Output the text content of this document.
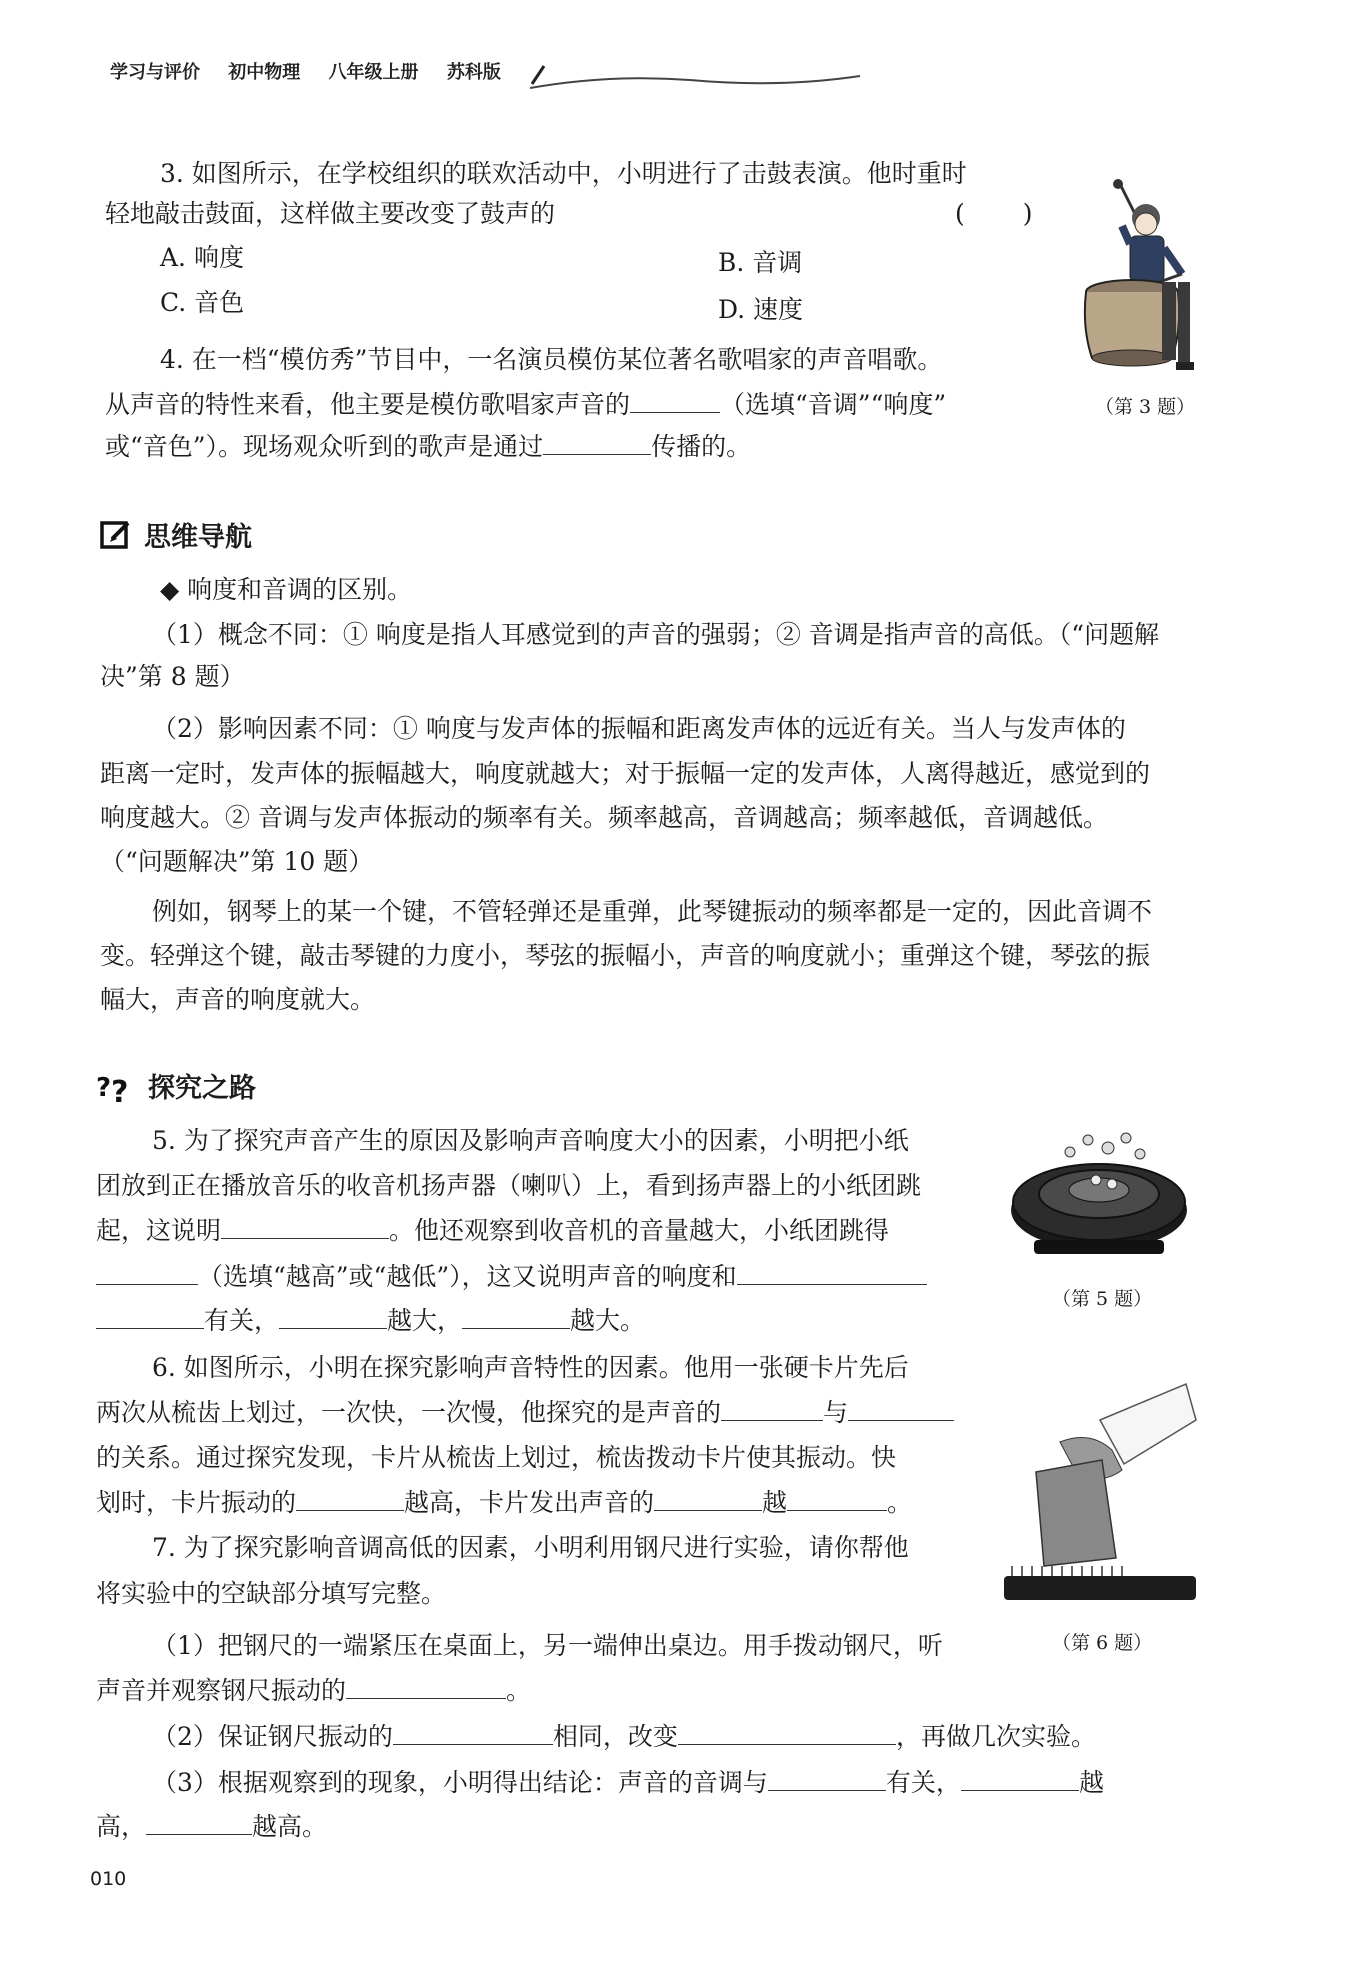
学习与评价 初中物理 八年级上册 苏科版
3. 如图所示，在学校组织的联欢活动中，小明进行了击鼓表演。他时重时
轻地敲击鼓面，这样做主要改变了鼓声的	( )
A. 响度	B. 音调
C. 音色	D. 速度
（第 3 题）
4. 在一档“模仿秀”节目中，一名演员模仿某位著名歌唱家的声音唱歌。
从声音的特性来看，他主要是模仿歌唱家声音的	（选填“音调”“响度”
或“音色”）。现场观众听到的歌声是通过	传播的。
思维导航
◆ 响度和音调的区别。
（1）概念不同：① 响度是指人耳感觉到的声音的强弱；② 音调是指声音的高低。（“问题解
决”第 8 题）
（2）影响因素不同：① 响度与发声体的振幅和距离发声体的远近有关。当人与发声体的
距离一定时，发声体的振幅越大，响度就越大；对于振幅一定的发声体，人离得越近，感觉到的
响度越大。② 音调与发声体振动的频率有关。频率越高，音调越高；频率越低，音调越低。
（“问题解决”第 10 题）
例如，钢琴上的某一个键，不管轻弹还是重弹，此琴键振动的频率都是一定的，因此音调不
变。轻弹这个键，敲击琴键的力度小，琴弦的振幅小，声音的响度就小；重弹这个键，琴弦的振
幅大，声音的响度就大。
? ? 探究之路
5. 为了探究声音产生的原因及影响声音响度大小的因素，小明把小纸
团放到正在播放音乐的收音机扬声器（喇叭）上，看到扬声器上的小纸团跳
起，这说明	。他还观察到收音机的音量越大，小纸团跳得
（选填“越高”或“越低”），这又说明声音的响度和
有关，	越大，	越大。
（第 5 题）
6. 如图所示，小明在探究影响声音特性的因素。他用一张硬卡片先后
两次从梳齿上划过，一次快，一次慢，他探究的是声音的	与
的关系。通过探究发现，卡片从梳齿上划过，梳齿拨动卡片使其振动。快
划时，卡片振动的	越高，卡片发出声音的	越	。
（第 6 题）
7. 为了探究影响音调高低的因素，小明利用钢尺进行实验，请你帮他
将实验中的空缺部分填写完整。
（1）把钢尺的一端紧压在桌面上，另一端伸出桌边。用手拨动钢尺，听
声音并观察钢尺振动的	。
（2）保证钢尺振动的	相同，改变	，再做几次实验。
（3）根据观察到的现象，小明得出结论：声音的音调与	有关，	越
高，	越高。
010
